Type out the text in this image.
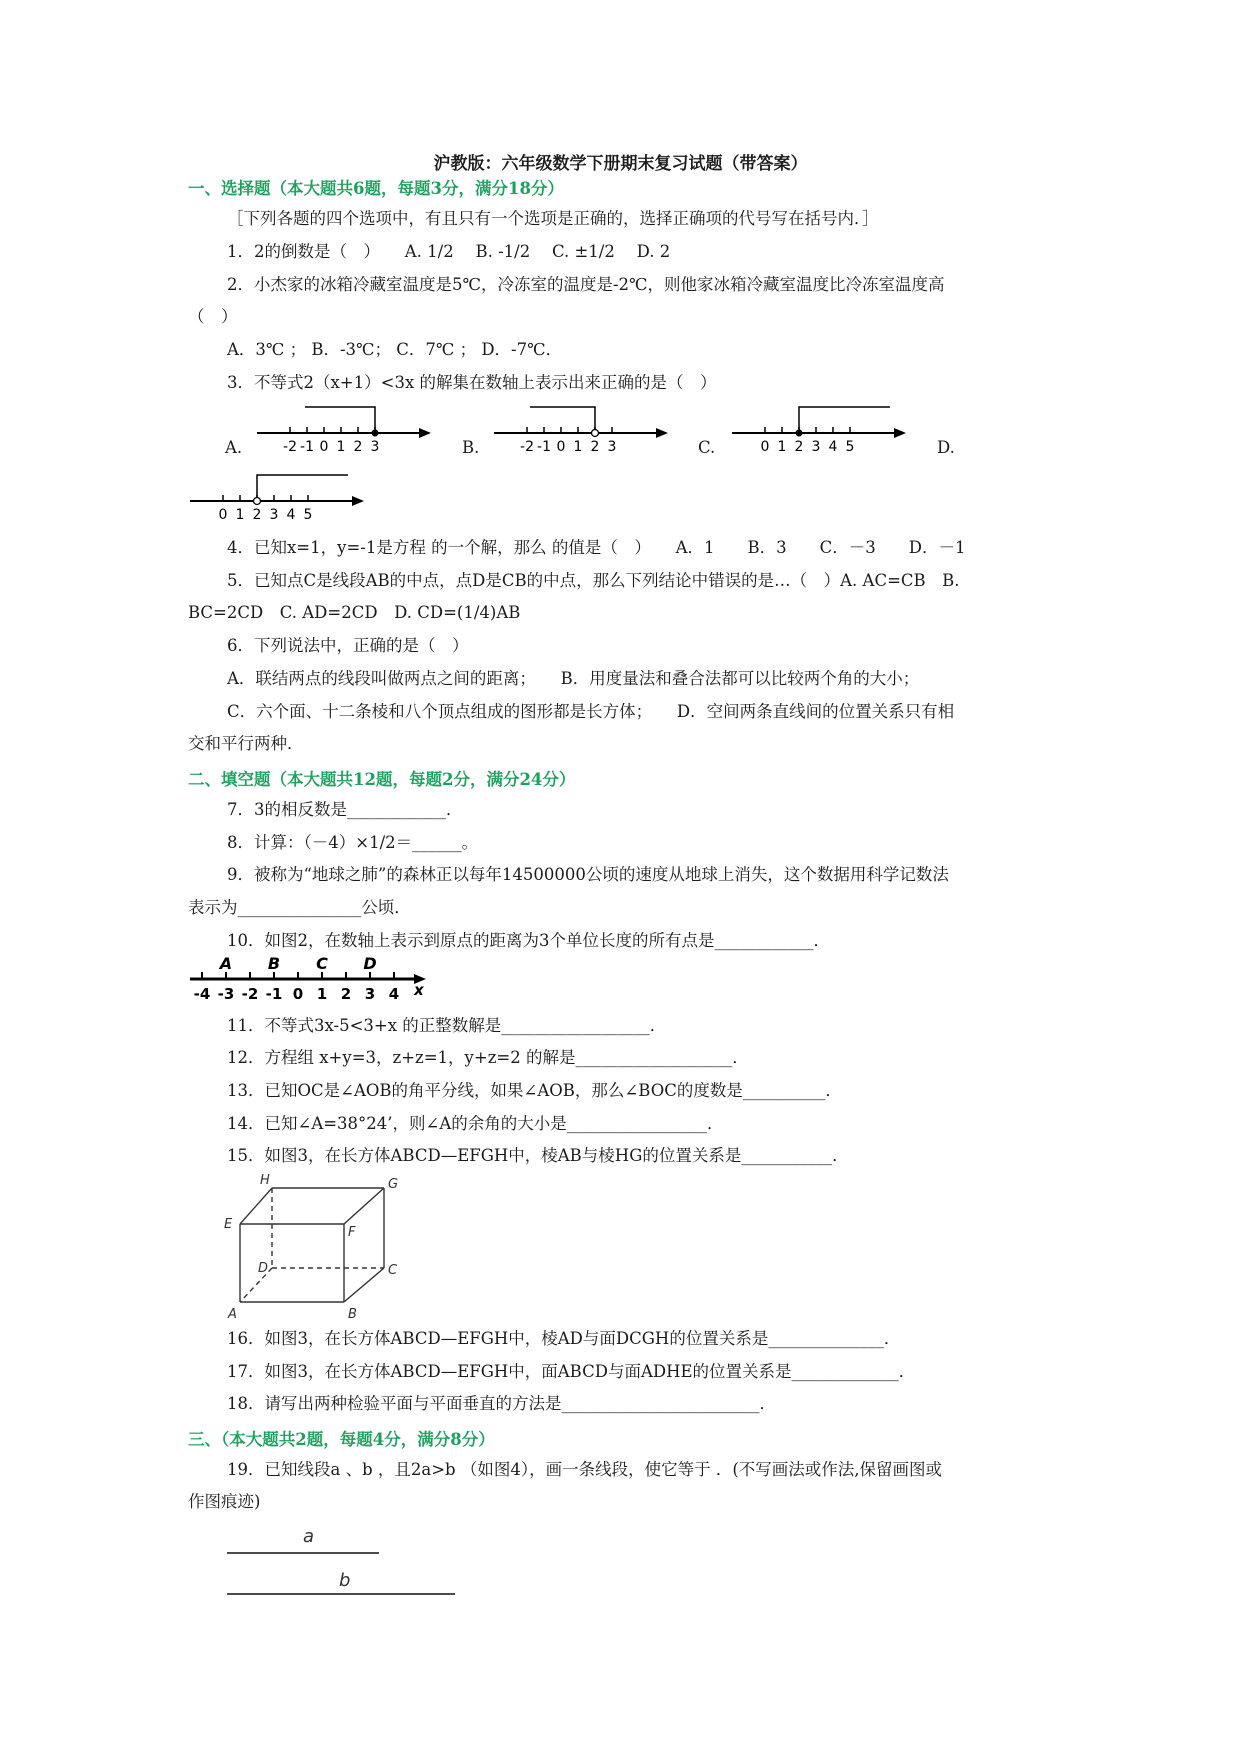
沪教版：六年级数学下册期末复习试题（带答案）
一、选择题（本大题共6题，每题3分，满分18分）
［下列各题的四个选项中，有且只有一个选项是正确的，选择正确项的代号写在括号内．］
1．2的倒数是（　）　　A. 1/2　 B. -1/2　 C. ±1/2　 D. 2
2．小杰家的冰箱冷藏室温度是5℃，冷冻室的温度是-2℃，则他家冰箱冷藏室温度比冷冻室温度高
（　）
A．3℃ ； B．-3℃； C．7℃ ； D．-7℃．
3．不等式2（x+1）<3x 的解集在数轴上表示出来正确的是（　）
A.	B.	C.	D.
-2 -1 0 1 2 3	-2 -1 0 1 2 3	0 1 2 3 4 5
0 1 2 3 4 5
4．已知x=1，y=-1是方程 的一个解，那么 的值是（　）　　A．1　　B．3　　C．－3　　D．－1
5．已知点C是线段AB的中点，点D是CB的中点，那么下列结论中错误的是…（　）A. AC=CB　B.
BC=2CD　C. AD=2CD　D. CD=(1/4)AB
6．下列说法中，正确的是（　）
A．联结两点的线段叫做两点之间的距离；　　B．用度量法和叠合法都可以比较两个角的大小；
C．六个面、十二条棱和八个顶点组成的图形都是长方体；　　D．空间两条直线间的位置关系只有相
交和平行两种．
二、填空题（本大题共12题，每题2分，满分24分）
7．3的相反数是____________．
8．计算：（－4）×1/2＝______。
9．被称为“地球之肺”的森林正以每年14500000公顷的速度从地球上消失，这个数据用科学记数法
表示为_______________公顷．
10．如图2，在数轴上表示到原点的距离为3个单位长度的所有点是____________．
A B C D
-4 -3 -2 -1 0 1 2 3 4 x
11．不等式3x-5<3+x 的正整数解是__________________．
12．方程组 x+y=3，z+z=1，y+z=2 的解是___________________．
13．已知OC是∠AOB的角平分线，如果∠AOB，那么∠BOC的度数是__________．
14．已知∠A=38°24’，则∠A的余角的大小是_________________．
15．如图3，在长方体ABCD—EFGH中，棱AB与棱HG的位置关系是___________．
A	B
C
D
E
F
G
H
16．如图3，在长方体ABCD—EFGH中，棱AD与面DCGH的位置关系是______________．
17．如图3，在长方体ABCD—EFGH中，面ABCD与面ADHE的位置关系是_____________．
18．请写出两种检验平面与平面垂直的方法是________________________．
三、（本大题共2题，每题4分，满分8分）
19．已知线段a 、b ，且2a>b （如图4），画一条线段，使它等于 ．(不写画法或作法,保留画图或
作图痕迹)
a
b
